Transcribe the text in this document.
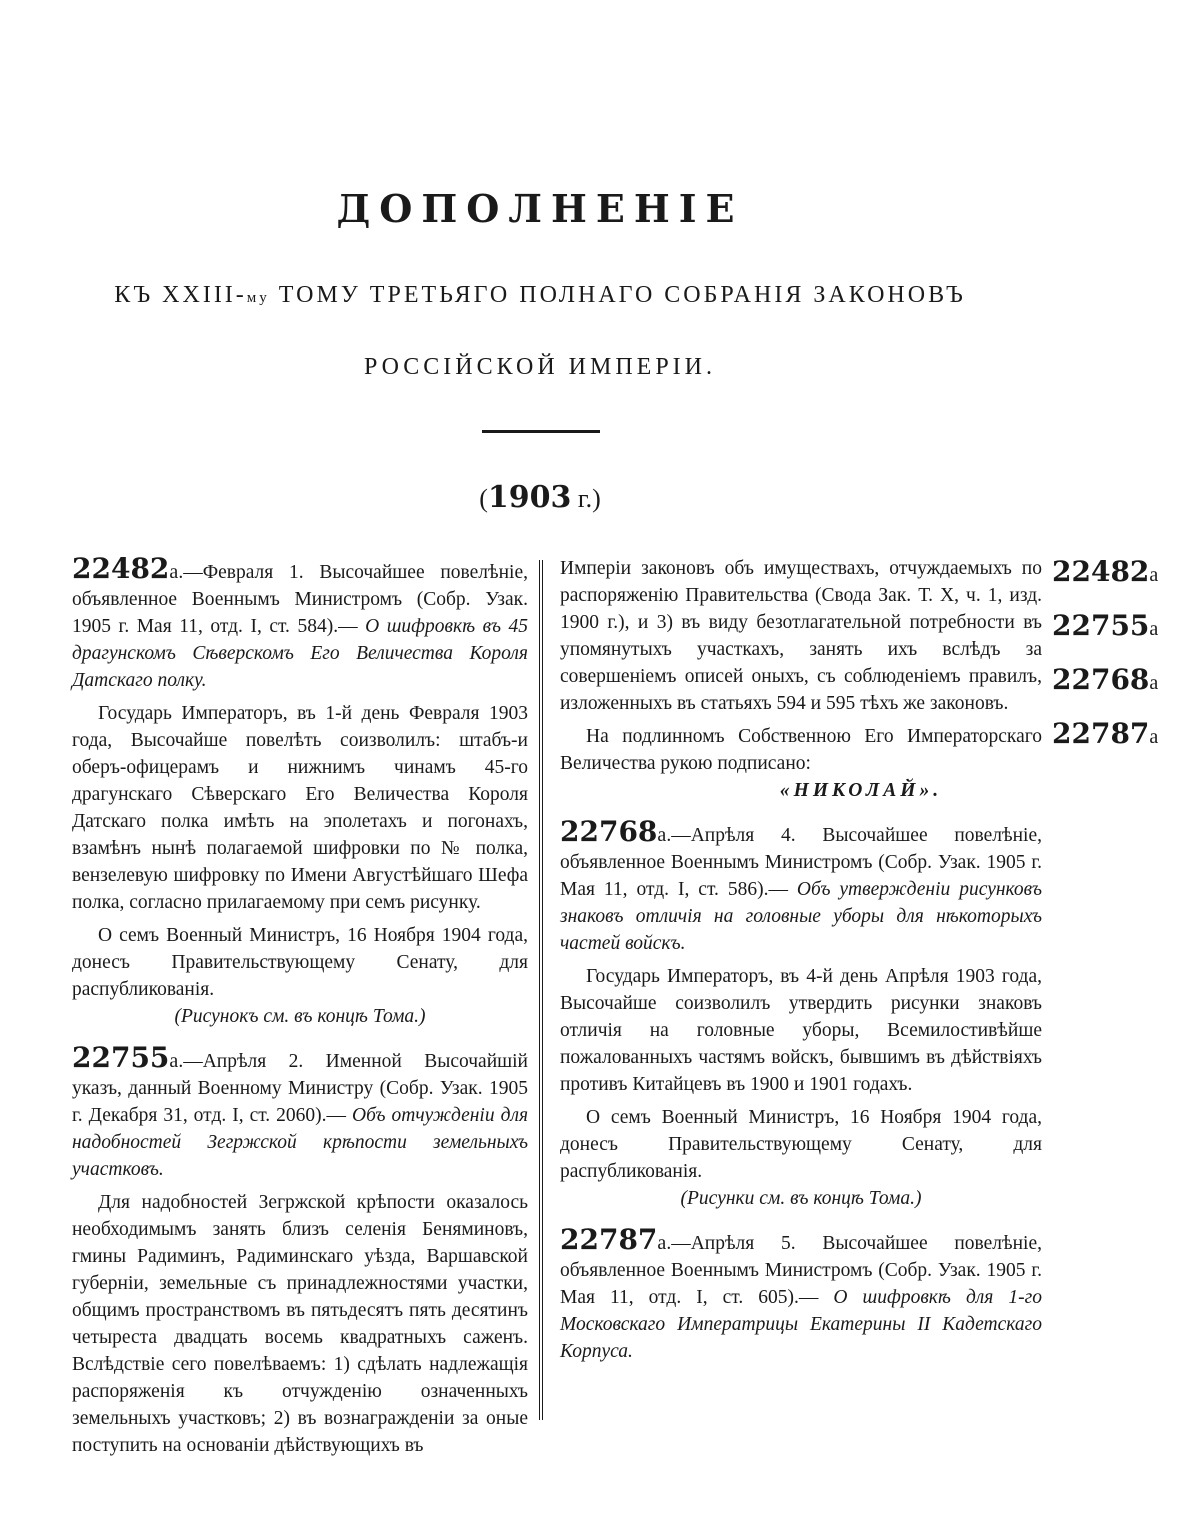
ДОПОЛНЕНІЕ
КЪ XXIII-му ТОМУ ТРЕТЬЯГО ПОЛНАГО СОБРАНІЯ ЗАКОНОВЪ
РОССІЙСКОЙ ИМПЕРІИ.
(1903 г.)

22482а.—Февраля 1. Высочайшее повелѣніе, объявленное Военнымъ Министромъ (Собр. Узак. 1905 г. Мая 11, отд. I, ст. 584).— О шифровкѣ въ 45 драгунскомъ Сѣверскомъ Его Величества Короля Датскаго полку.

Государь Императоръ, въ 1-й день Февраля 1903 года, Высочайше повелѣть соизволилъ: штабъ-и оберъ-офицерамъ и нижнимъ чинамъ 45-го драгунскаго Сѣверскаго Его Величества Короля Датскаго полка имѣть на эполетахъ и погонахъ, взамѣнъ нынѣ полагаемой шифровки по № полка, вензелевую шифровку по Имени Августѣйшаго Шефа полка, согласно прилагаемому при семъ рисунку.

О семъ Военный Министръ, 16 Ноября 1904 года, донесъ Правительствующему Сенату, для распубликованія.

(Рисунокъ см. въ концѣ Тома.)

22755а.—Апрѣля 2. Именной Высочайшій указъ, данный Военному Министру (Собр. Узак. 1905 г. Декабря 31, отд. I, ст. 2060).— Объ отчужденіи для надобностей Зегржской крѣпости земельныхъ участковъ.

Для надобностей Зегржской крѣпости оказалось необходимымъ занять близъ селенія Беняминовъ, гмины Радиминъ, Радиминскаго уѣзда, Варшавской губерніи, земельные съ принадлежностями участки, общимъ пространствомъ въ пятьдесятъ пять десятинъ четыреста двадцать восемь квадратныхъ саженъ. Вслѣдствіе сего повелѣваемъ: 1) сдѣлать надлежащія распоряженія къ отчужденію означенныхъ земельныхъ участковъ; 2) въ вознагражденіи за оные поступить на основаніи дѣйствующихъ въ

Имперіи законовъ объ имуществахъ, отчуждаемыхъ по распоряженію Правительства (Свода Зак. Т. X, ч. 1, изд. 1900 г.), и 3) въ виду безотлагательной потребности въ упомянутыхъ участкахъ, занять ихъ вслѣдъ за совершеніемъ описей оныхъ, съ соблюденіемъ правилъ, изложенныхъ въ статьяхъ 594 и 595 тѣхъ же законовъ.

На подлинномъ Собственною Его Императорскаго Величества рукою подписано:

«НИКОЛАЙ».

22768а.—Апрѣля 4. Высочайшее повелѣніе, объявленное Военнымъ Министромъ (Собр. Узак. 1905 г. Мая 11, отд. I, ст. 586).— Объ утвержденіи рисунковъ знаковъ отличія на головные уборы для нѣкоторыхъ частей войскъ.

Государь Императоръ, въ 4-й день Апрѣля 1903 года, Высочайше соизволилъ утвердить рисунки знаковъ отличія на головные уборы, Всемилостивѣйше пожалованныхъ частямъ войскъ, бывшимъ въ дѣйствіяхъ противъ Китайцевъ въ 1900 и 1901 годахъ.

О семъ Военный Министръ, 16 Ноября 1904 года, донесъ Правительствующему Сенату, для распубликованія.

(Рисунки см. въ концѣ Тома.)

22787а.—Апрѣля 5. Высочайшее повелѣніе, объявленное Военнымъ Министромъ (Собр. Узак. 1905 г. Мая 11, отд. I, ст. 605).— О шифровкѣ для 1-го Московскаго Императрицы Екатерины II Кадетскаго Корпуса.

22482а
22755а
22768а
22787а
